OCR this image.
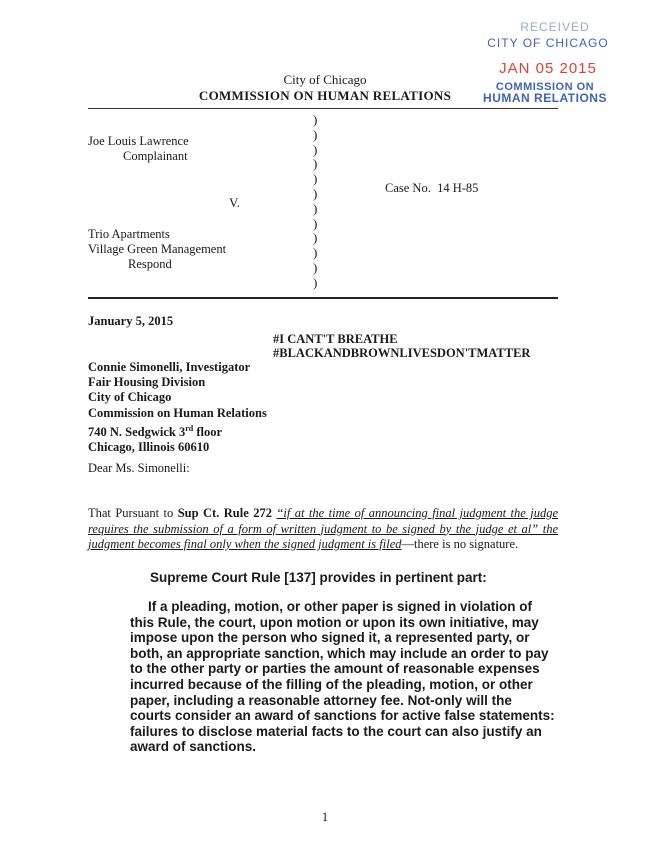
RECEIVED
CITY OF CHICAGO
JAN 05 2015
COMMISSION ON
HUMAN RELATIONS
City of Chicago
COMMISSION ON HUMAN RELATIONS
)
)
)
)
)
)
)
)
)
)
)
)
Joe Louis Lawrence
Complainant
V.
Case No. 14 H-85
Trio Apartments
Village Green Management
Respond
January 5, 2015
#I CANT'T BREATHE
#BLACKANDBROWNLIVESDON'TMATTER
Connie Simonelli, Investigator
Fair Housing Division
City of Chicago
Commission on Human Relations
740 N. Sedgwick 3rd floor
Chicago, Illinois 60610
Dear Ms. Simonelli:
That Pursuant to Sup Ct. Rule 272 “if at the time of announcing final judgment the judge requires the submission of a form of written judgment to be signed by the judge et al” the judgment becomes final only when the signed judgment is filed—there is no signature.
Supreme Court Rule [137] provides in pertinent part:

If a pleading, motion, or other paper is signed in violation of this Rule, the court, upon motion or upon its own initiative, may impose upon the person who signed it, a represented party, or both, an appropriate sanction, which may include an order to pay to the other party or parties the amount of reasonable expenses incurred because of the filling of the pleading, motion, or other paper, including a reasonable attorney fee. Not-only will the courts consider an award of sanctions for active false statements: failures to disclose material facts to the court can also justify an award of sanctions.

1
